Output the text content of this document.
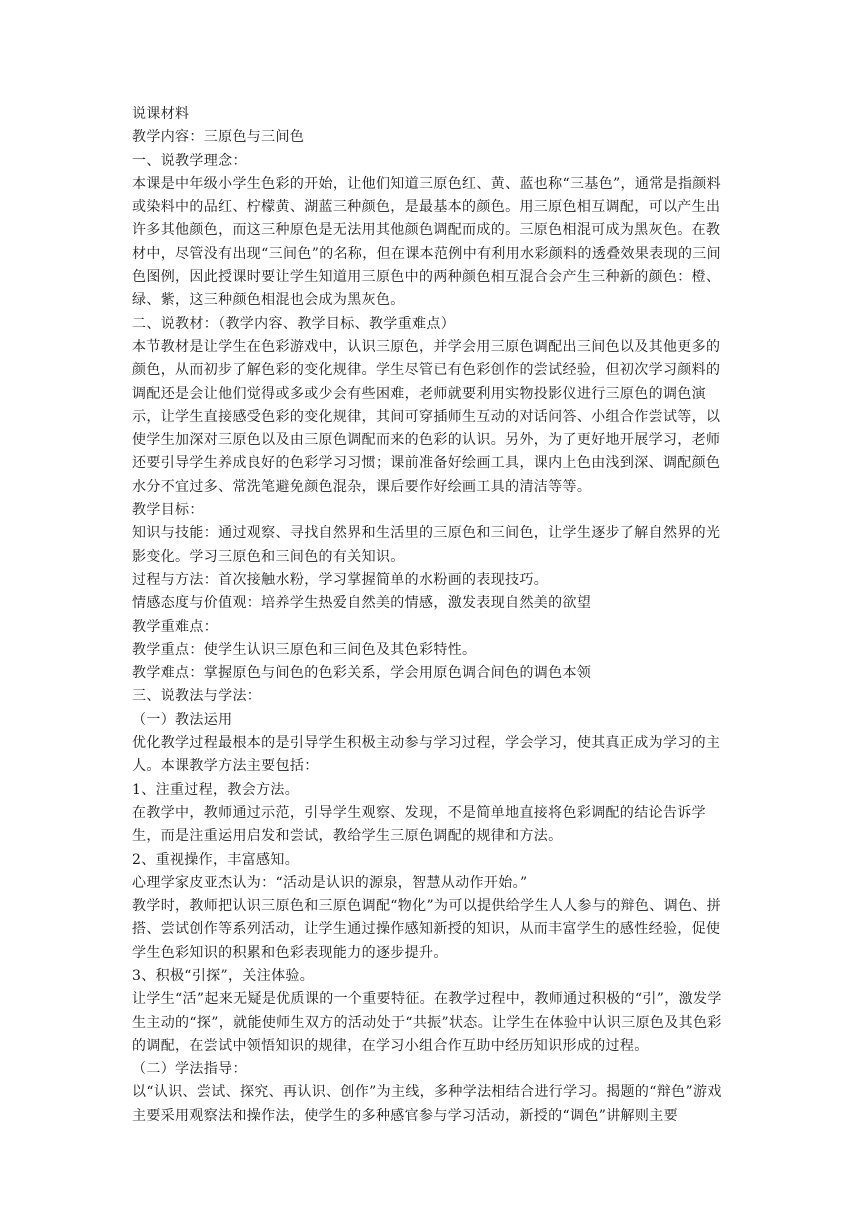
说课材料

教学内容：三原色与三间色

一、说教学理念：

本课是中年级小学生色彩的开始，让他们知道三原色红、黄、蓝也称“三基色”，通常是指颜料或染料中的品红、柠檬黄、湖蓝三种颜色，是最基本的颜色。用三原色相互调配，可以产生出许多其他颜色，而这三种原色是无法用其他颜色调配而成的。三原色相混可成为黑灰色。在教材中，尽管没有出现“三间色”的名称，但在课本范例中有利用水彩颜料的透叠效果表现的三间色图例，因此授课时要让学生知道用三原色中的两种颜色相互混合会产生三种新的颜色：橙、绿、紫，这三种颜色相混也会成为黑灰色。

二、说教材：（教学内容、教学目标、教学重难点）

本节教材是让学生在色彩游戏中，认识三原色，并学会用三原色调配出三间色以及其他更多的颜色，从而初步了解色彩的变化规律。学生尽管已有色彩创作的尝试经验，但初次学习颜料的调配还是会让他们觉得或多或少会有些困难，老师就要利用实物投影仪进行三原色的调色演示，让学生直接感受色彩的变化规律，其间可穿插师生互动的对话问答、小组合作尝试等，以使学生加深对三原色以及由三原色调配而来的色彩的认识。另外，为了更好地开展学习，老师还要引导学生养成良好的色彩学习习惯；课前准备好绘画工具，课内上色由浅到深、调配颜色水分不宜过多、常洗笔避免颜色混杂，课后要作好绘画工具的清洁等等。

教学目标：

知识与技能：通过观察、寻找自然界和生活里的三原色和三间色，让学生逐步了解自然界的光影变化。学习三原色和三间色的有关知识。

过程与方法：首次接触水粉，学习掌握简单的水粉画的表现技巧。

情感态度与价值观：培养学生热爱自然美的情感，激发表现自然美的欲望

教学重难点：

教学重点：使学生认识三原色和三间色及其色彩特性。

教学难点：掌握原色与间色的色彩关系，学会用原色调合间色的调色本领

三、说教法与学法：

（一）教法运用

优化教学过程最根本的是引导学生积极主动参与学习过程，学会学习，使其真正成为学习的主人。本课教学方法主要包括：

1、注重过程，教会方法。

在教学中，教师通过示范，引导学生观察、发现，不是简单地直接将色彩调配的结论告诉学生，而是注重运用启发和尝试，教给学生三原色调配的规律和方法。

2、重视操作，丰富感知。

心理学家皮亚杰认为：“活动是认识的源泉，智慧从动作开始。”

教学时，教师把认识三原色和三原色调配“物化”为可以提供给学生人人参与的辩色、调色、拼搭、尝试创作等系列活动，让学生通过操作感知新授的知识，从而丰富学生的感性经验，促使学生色彩知识的积累和色彩表现能力的逐步提升。

3、积极“引探”，关注体验。

让学生“活”起来无疑是优质课的一个重要特征。在教学过程中，教师通过积极的“引”，激发学生主动的“探”，就能使师生双方的活动处于“共振”状态。让学生在体验中认识三原色及其色彩的调配，在尝试中领悟知识的规律，在学习小组合作互助中经历知识形成的过程。

（二）学法指导：

以“认识、尝试、探究、再认识、创作”为主线，多种学法相结合进行学习。揭题的“辩色”游戏主要采用观察法和操作法，使学生的多种感官参与学习活动，新授的“调色”讲解则主要
